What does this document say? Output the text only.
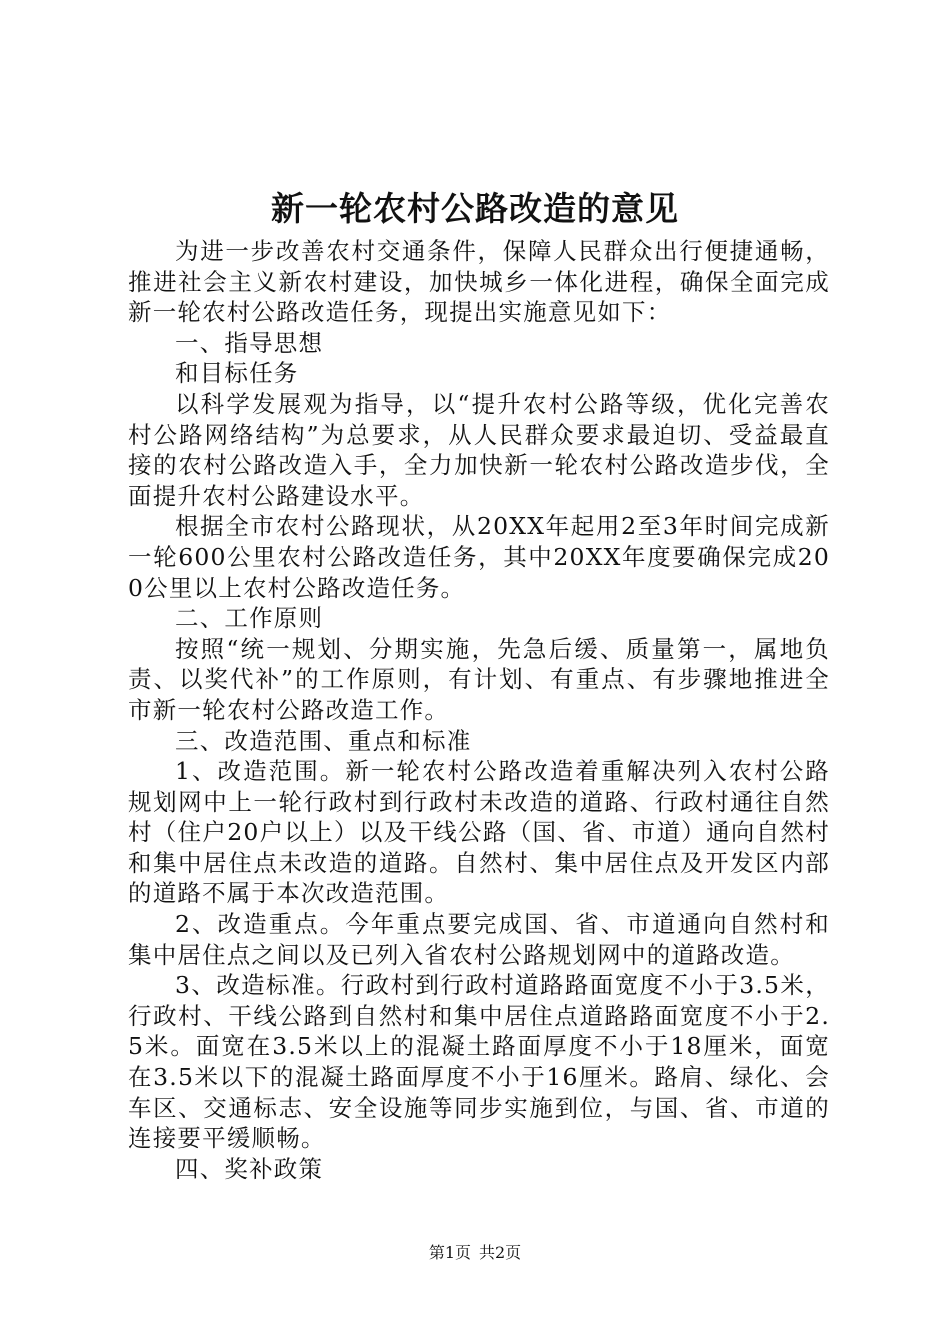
新一轮农村公路改造的意见

为进一步改善农村交通条件，保障人民群众出行便捷通畅，推进社会主义新农村建设，加快城乡一体化进程，确保全面完成新一轮农村公路改造任务，现提出实施意见如下：

一、指导思想

和目标任务

以科学发展观为指导，以“提升农村公路等级，优化完善农村公路网络结构”为总要求，从人民群众要求最迫切、受益最直接的农村公路改造入手，全力加快新一轮农村公路改造步伐，全面提升农村公路建设水平。

根据全市农村公路现状，从20XX年起用2至3年时间完成新一轮600公里农村公路改造任务，其中20XX年度要确保完成200公里以上农村公路改造任务。

二、工作原则

按照“统一规划、分期实施，先急后缓、质量第一，属地负责、以奖代补”的工作原则，有计划、有重点、有步骤地推进全市新一轮农村公路改造工作。

三、改造范围、重点和标准

1、改造范围。新一轮农村公路改造着重解决列入农村公路规划网中上一轮行政村到行政村未改造的道路、行政村通往自然村（住户20户以上）以及干线公路（国、省、市道）通向自然村和集中居住点未改造的道路。自然村、集中居住点及开发区内部的道路不属于本次改造范围。

2、改造重点。今年重点要完成国、省、市道通向自然村和集中居住点之间以及已列入省农村公路规划网中的道路改造。

3、改造标准。行政村到行政村道路路面宽度不小于3.5米，行政村、干线公路到自然村和集中居住点道路路面宽度不小于2.5米。面宽在3.5米以上的混凝土路面厚度不小于18厘米，面宽在3.5米以下的混凝土路面厚度不小于16厘米。路肩、绿化、会车区、交通标志、安全设施等同步实施到位，与国、省、市道的连接要平缓顺畅。

四、奖补政策

第1页 共2页
